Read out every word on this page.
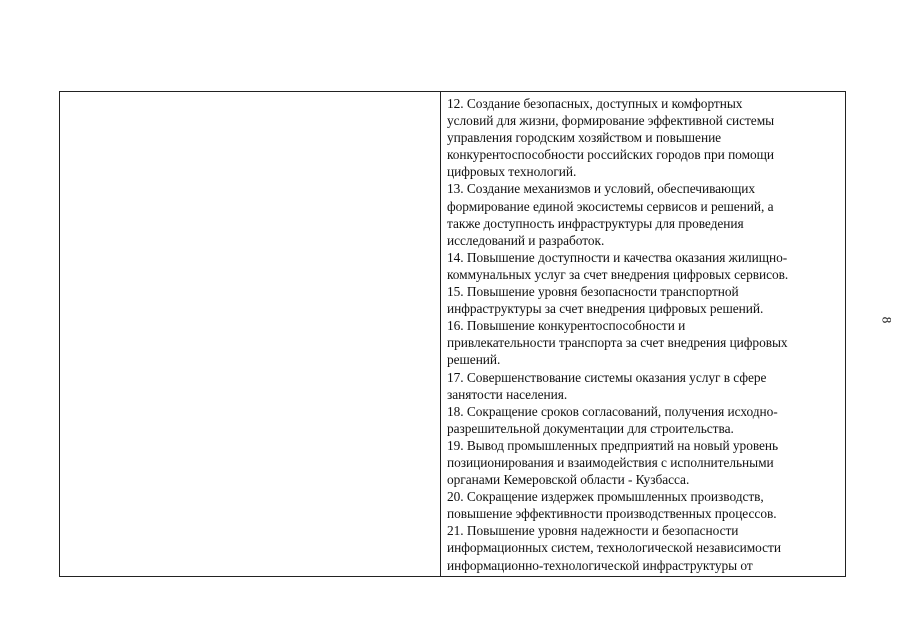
12. Создание безопасных, доступных и комфортных
условий для жизни, формирование эффективной системы
управления городским хозяйством и повышение
конкурентоспособности российских городов при помощи
цифровых технологий.
13. Создание механизмов и условий, обеспечивающих
формирование единой экосистемы сервисов и решений, а
также доступность инфраструктуры для проведения
исследований и разработок.
14. Повышение доступности и качества оказания жилищно-
коммунальных услуг за счет внедрения цифровых сервисов.
15. Повышение уровня безопасности транспортной
инфраструктуры за счет внедрения цифровых решений.
16. Повышение конкурентоспособности и
привлекательности транспорта за счет внедрения цифровых
решений.
17. Совершенствование системы оказания услуг в сфере
занятости населения.
18. Сокращение сроков согласований, получения исходно-
разрешительной документации для строительства.
19. Вывод промышленных предприятий на новый уровень
позиционирования и взаимодействия с исполнительными
органами Кемеровской области - Кузбасса.
20. Сокращение издержек промышленных производств,
повышение эффективности производственных процессов.
21. Повышение уровня надежности и безопасности
информационных систем, технологической независимости
информационно-технологической инфраструктуры от
8
